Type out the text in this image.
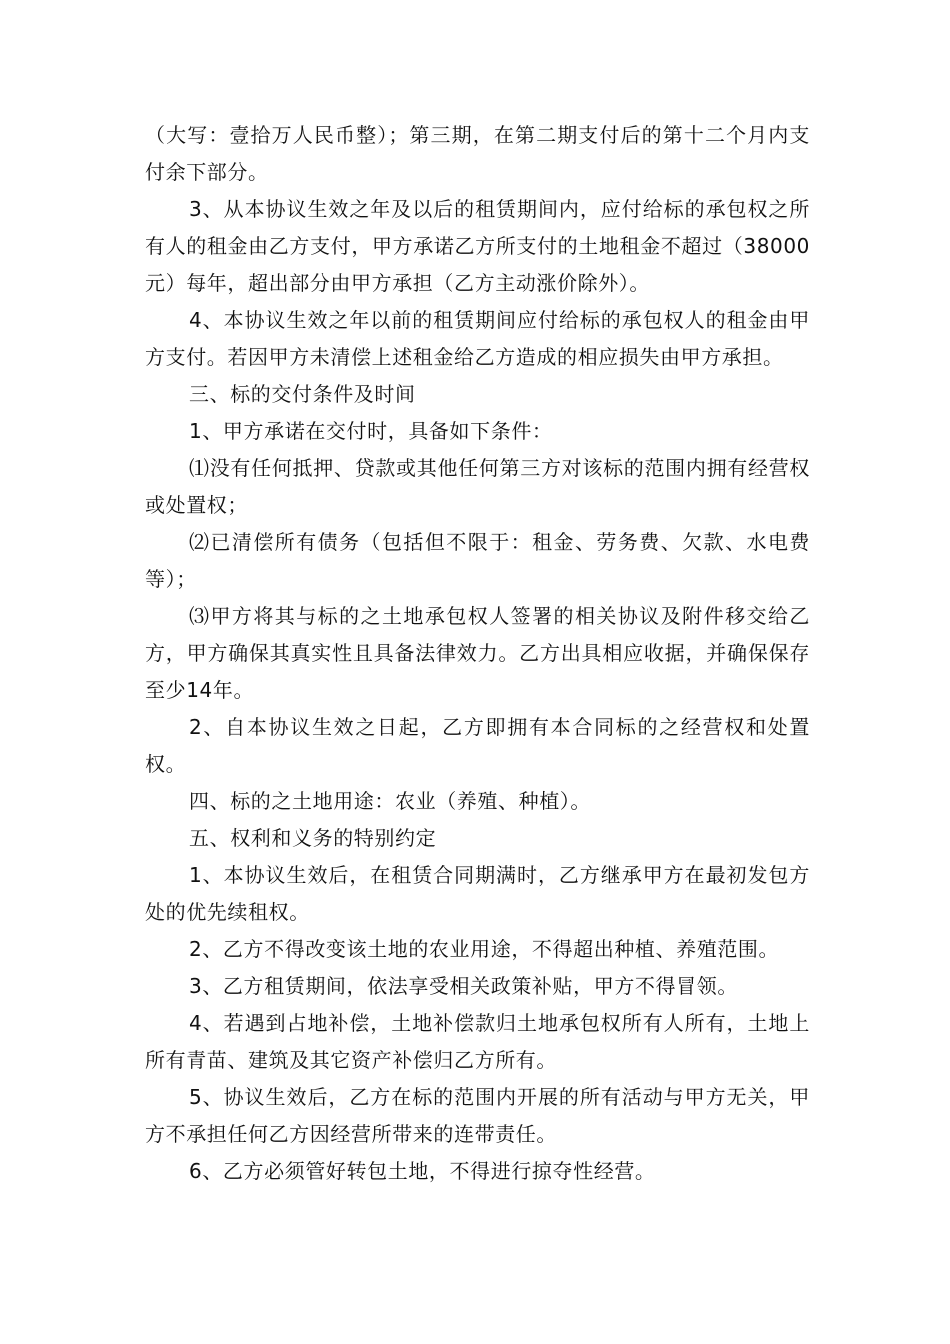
（大写：壹拾万人民币整）；第三期，在第二期支付后的第十二个月内支付余下部分。

3、从本协议生效之年及以后的租赁期间内，应付给标的承包权之所有人的租金由乙方支付，甲方承诺乙方所支付的土地租金不超过（38000元）每年，超出部分由甲方承担（乙方主动涨价除外）。

4、本协议生效之年以前的租赁期间应付给标的承包权人的租金由甲方支付。若因甲方未清偿上述租金给乙方造成的相应损失由甲方承担。

三、标的交付条件及时间

1、甲方承诺在交付时，具备如下条件：

⑴没有任何抵押、贷款或其他任何第三方对该标的范围内拥有经营权或处置权；

⑵已清偿所有债务（包括但不限于：租金、劳务费、欠款、水电费等）；

⑶甲方将其与标的之土地承包权人签署的相关协议及附件移交给乙方，甲方确保其真实性且具备法律效力。乙方出具相应收据，并确保保存至少14年。

2、自本协议生效之日起，乙方即拥有本合同标的之经营权和处置权。

四、标的之土地用途：农业（养殖、种植）。

五、权利和义务的特别约定

1、本协议生效后，在租赁合同期满时，乙方继承甲方在最初发包方处的优先续租权。

2、乙方不得改变该土地的农业用途，不得超出种植、养殖范围。

3、乙方租赁期间，依法享受相关政策补贴，甲方不得冒领。

4、若遇到占地补偿，土地补偿款归土地承包权所有人所有，土地上所有青苗、建筑及其它资产补偿归乙方所有。

5、协议生效后，乙方在标的范围内开展的所有活动与甲方无关，甲方不承担任何乙方因经营所带来的连带责任。

6、乙方必须管好转包土地，不得进行掠夺性经营。
